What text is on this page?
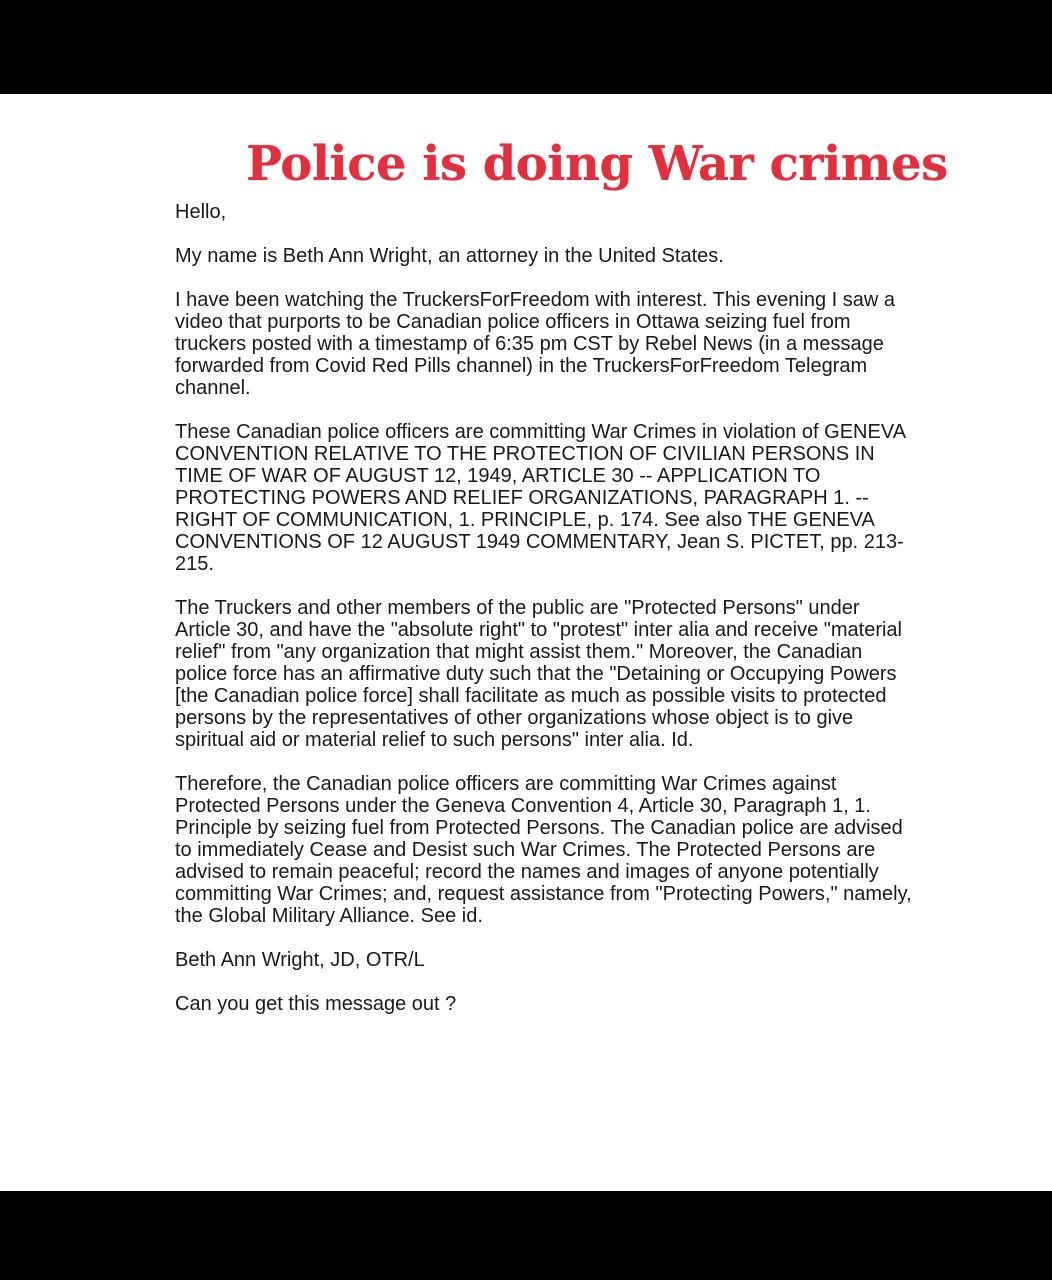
Police is doing War crimes

Hello,

My name is Beth Ann Wright, an attorney in the United States.

I have been watching the TruckersForFreedom with interest. This evening I saw a video that purports to be Canadian police officers in Ottawa seizing fuel from truckers posted with a timestamp of 6:35 pm CST by Rebel News (in a message forwarded from Covid Red Pills channel) in the TruckersForFreedom Telegram channel.

These Canadian police officers are committing War Crimes in violation of GENEVA CONVENTION RELATIVE TO THE PROTECTION OF CIVILIAN PERSONS IN TIME OF WAR OF AUGUST 12, 1949, ARTICLE 30 -- APPLICATION TO PROTECTING POWERS AND RELIEF ORGANIZATIONS, PARAGRAPH 1. -- RIGHT OF COMMUNICATION, 1. PRINCIPLE, p. 174. See also THE GENEVA CONVENTIONS OF 12 AUGUST 1949 COMMENTARY, Jean S. PICTET, pp. 213-215.

The Truckers and other members of the public are "Protected Persons" under Article 30, and have the "absolute right" to "protest" inter alia and receive "material relief" from "any organization that might assist them." Moreover, the Canadian police force has an affirmative duty such that the "Detaining or Occupying Powers [the Canadian police force] shall facilitate as much as possible visits to protected persons by the representatives of other organizations whose object is to give spiritual aid or material relief to such persons" inter alia. Id.

Therefore, the Canadian police officers are committing War Crimes against Protected Persons under the Geneva Convention 4, Article 30, Paragraph 1, 1. Principle by seizing fuel from Protected Persons. The Canadian police are advised to immediately Cease and Desist such War Crimes. The Protected Persons are advised to remain peaceful; record the names and images of anyone potentially committing War Crimes; and, request assistance from "Protecting Powers," namely, the Global Military Alliance. See id.

Beth Ann Wright, JD, OTR/L

Can you get this message out ?
